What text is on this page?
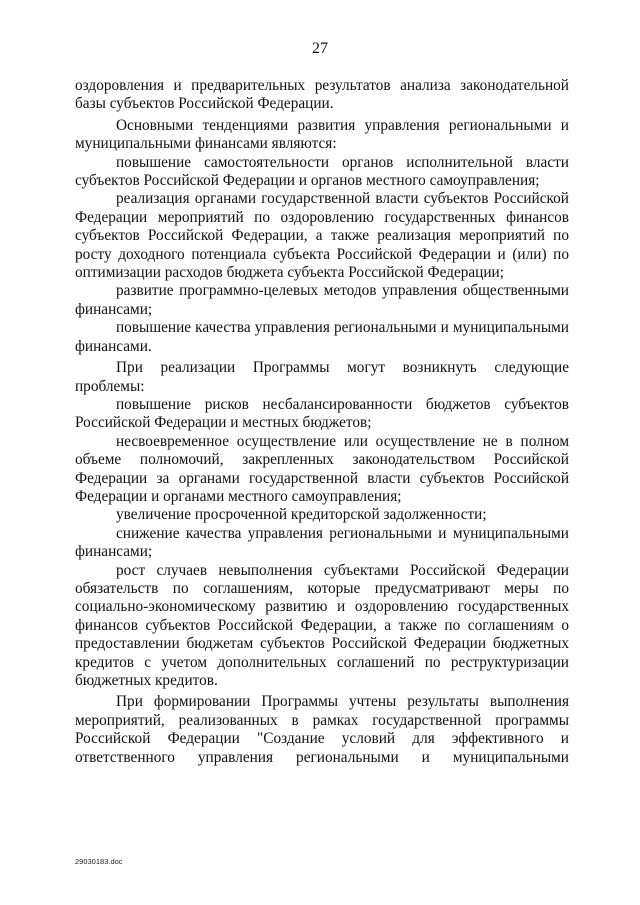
27

оздоровления и предварительных результатов анализа законодательной базы субъектов Российской Федерации.

Основными тенденциями развития управления региональными и муниципальными финансами являются:

повышение самостоятельности органов исполнительной власти субъектов Российской Федерации и органов местного самоуправления;

реализация органами государственной власти субъектов Российской Федерации мероприятий по оздоровлению государственных финансов субъектов Российской Федерации, а также реализация мероприятий по росту доходного потенциала субъекта Российской Федерации и (или) по оптимизации расходов бюджета субъекта Российской Федерации;

развитие программно-целевых методов управления общественными финансами;

повышение качества управления региональными и муниципальными финансами.

При реализации Программы могут возникнуть следующие проблемы:

повышение рисков несбалансированности бюджетов субъектов Российской Федерации и местных бюджетов;

несвоевременное осуществление или осуществление не в полном объеме полномочий, закрепленных законодательством Российской Федерации за органами государственной власти субъектов Российской Федерации и органами местного самоуправления;

увеличение просроченной кредиторской задолженности;

снижение качества управления региональными и муниципальными финансами;

рост случаев невыполнения субъектами Российской Федерации обязательств по соглашениям, которые предусматривают меры по социально-экономическому развитию и оздоровлению государственных финансов субъектов Российской Федерации, а также по соглашениям о предоставлении бюджетам субъектов Российской Федерации бюджетных кредитов с учетом дополнительных соглашений по реструктуризации бюджетных кредитов.

При формировании Программы учтены результаты выполнения мероприятий, реализованных в рамках государственной программы Российской Федерации "Создание условий для эффективного и ответственного управления региональными и муниципальными

29030183.doc
